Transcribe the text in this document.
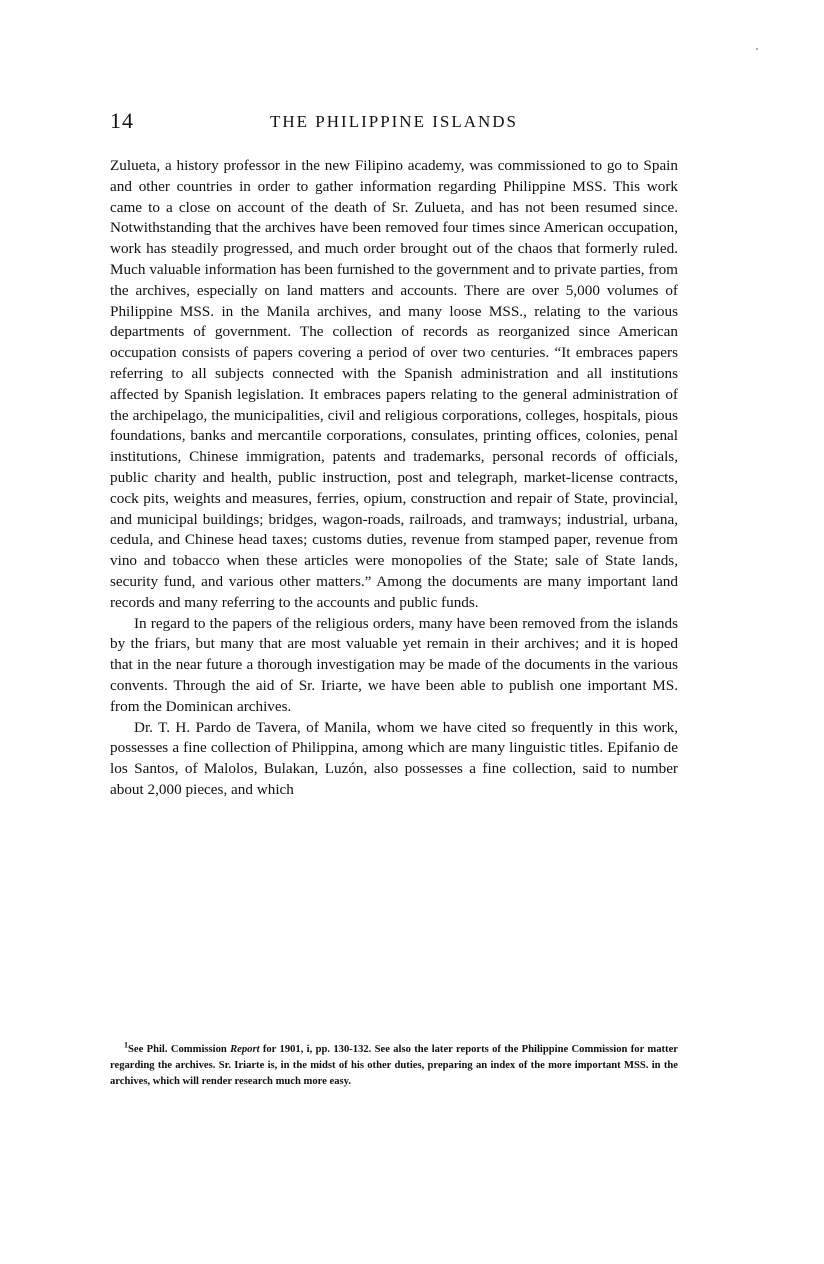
14	THE PHILIPPINE ISLANDS

Zulueta, a history professor in the new Filipino academy, was commissioned to go to Spain and other countries in order to gather information regarding Philippine MSS. This work came to a close on account of the death of Sr. Zulueta, and has not been resumed since. Notwithstanding that the archives have been removed four times since American occupation, work has steadily progressed, and much order brought out of the chaos that formerly ruled. Much valuable information has been furnished to the government and to private parties, from the archives, especially on land matters and accounts. There are over 5,000 volumes of Philippine MSS. in the Manila archives, and many loose MSS., relating to the various departments of government. The collection of records as reorganized since American occupation consists of papers covering a period of over two centuries. “It embraces papers referring to all subjects connected with the Spanish administration and all institutions affected by Spanish legislation. It embraces papers relating to the general administration of the archipelago, the municipalities, civil and religious corporations, colleges, hospitals, pious foundations, banks and mercantile corporations, consulates, printing offices, colonies, penal institutions, Chinese immigration, patents and trademarks, personal records of officials, public charity and health, public instruction, post and telegraph, market-license contracts, cock pits, weights and measures, ferries, opium, construction and repair of State, provincial, and municipal buildings; bridges, wagon-roads, railroads, and tramways; industrial, urbana, cedula, and Chinese head taxes; customs duties, revenue from stamped paper, revenue from vino and tobacco when these articles were monopolies of the State; sale of State lands, security fund, and various other matters.” Among the documents are many important land records and many referring to the accounts and public funds.

In regard to the papers of the religious orders, many have been removed from the islands by the friars, but many that are most valuable yet remain in their archives; and it is hoped that in the near future a thorough investigation may be made of the documents in the various convents. Through the aid of Sr. Iriarte, we have been able to publish one important MS. from the Dominican archives.

Dr. T. H. Pardo de Tavera, of Manila, whom we have cited so frequently in this work, possesses a fine collection of Philippina, among which are many linguistic titles. Epifanio de los Santos, of Malolos, Bulakan, Luzón, also possesses a fine collection, said to number about 2,000 pieces, and which

$^1$See Phil. Commission Report for 1901, i, pp. 130-132. See also the later reports of the Philippine Commission for matter regarding the archives. Sr. Iriarte is, in the midst of his other duties, preparing an index of the more important MSS. in the archives, which will render research much more easy.
